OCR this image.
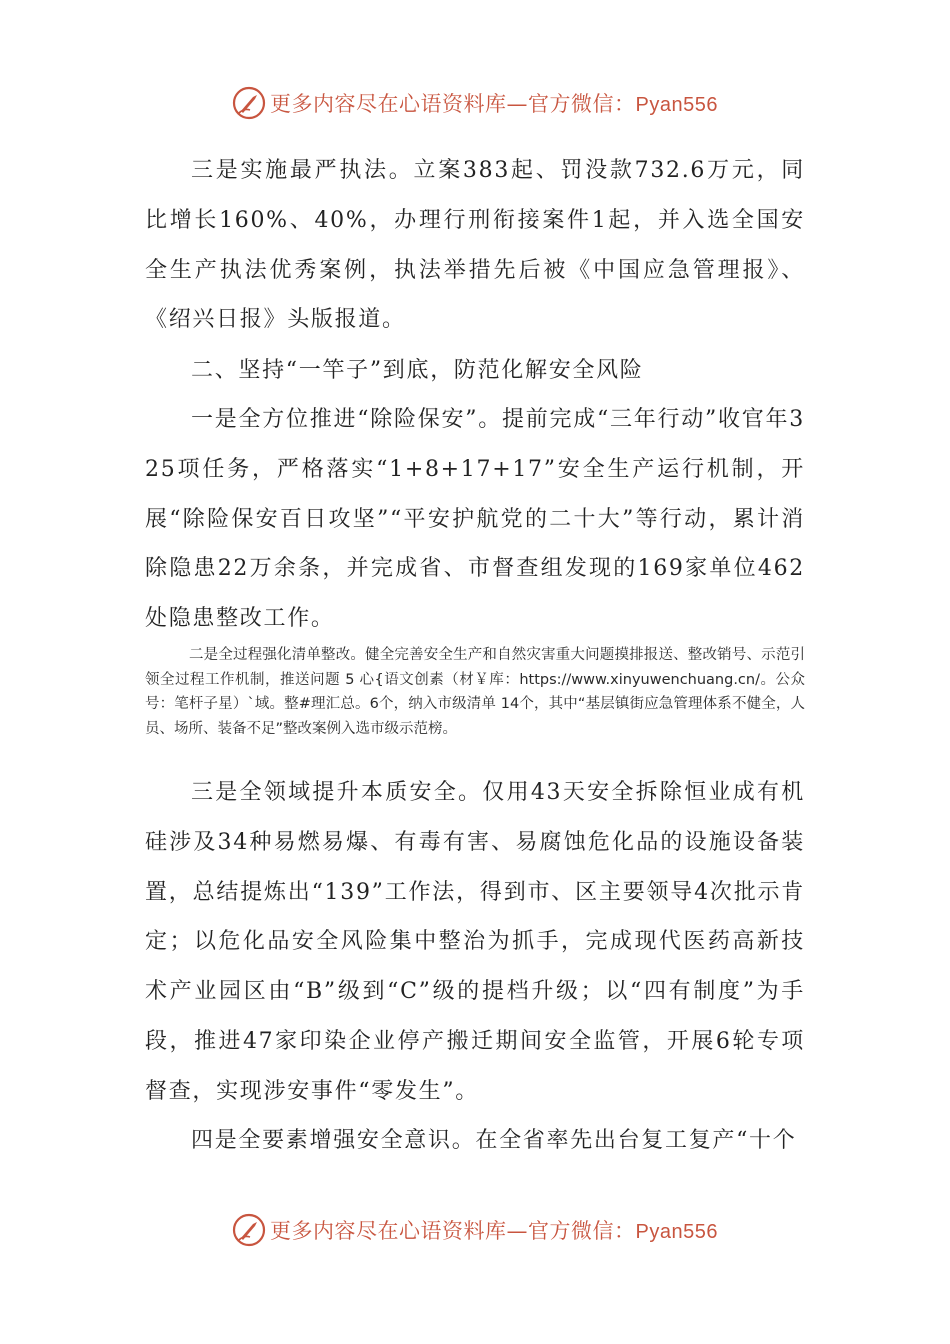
更多内容尽在心语资料库—官方微信：Pyan556

三是实施最严执法。立案383起、罚没款732.6万元，同比增长160%、40%，办理行刑衔接案件1起，并入选全国安全生产执法优秀案例，执法举措先后被《中国应急管理报》、《绍兴日报》头版报道。

二、坚持“一竿子”到底，防范化解安全风险

一是全方位推进“除险保安”。提前完成“三年行动”收官年325项任务，严格落实“1+8+17+17”安全生产运行机制，开展“除险保安百日攻坚”“平安护航党的二十大”等行动，累计消除隐患22万余条，并完成省、市督查组发现的169家单位462 处隐患整改工作。

二是全过程强化清单整改。健全完善安全生产和自然灾害重大问题摸排报送、整改销号、示范引领全过程工作机制，推送问题 5 心{语文创素（材￥库：https://www.xinyuwenchuang.cn/。公众号：笔杆子星）`域。整#理汇总。6个，纳入市级清单 14个，其中“基层镇街应急管理体系不健全，人员、场所、装备不足”整改案例入选市级示范榜。

三是全领域提升本质安全。仅用43天安全拆除恒业成有机硅涉及34种易燃易爆、有毒有害、易腐蚀危化品的设施设备装置，总结提炼出“139”工作法，得到市、区主要领导4次批示肯定；以危化品安全风险集中整治为抓手，完成现代医药高新技术产业园区由“B”级到“C”级的提档升级；以“四有制度”为手段，推进47家印染企业停产搬迁期间安全监管，开展6轮专项督查，实现涉安事件“零发生”。

四是全要素增强安全意识。在全省率先出台复工复产“十个

更多内容尽在心语资料库—官方微信：Pyan556
